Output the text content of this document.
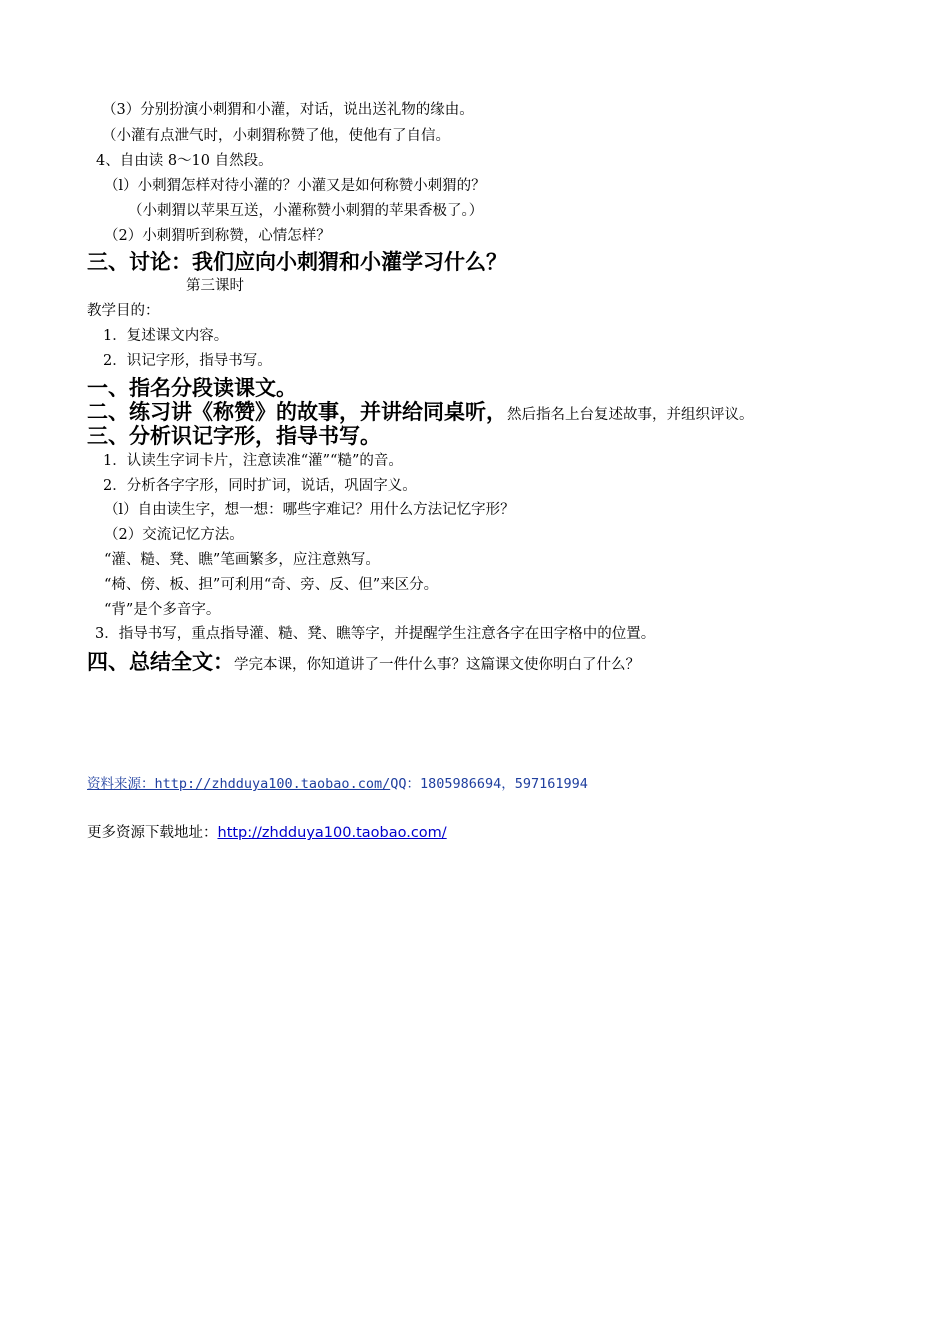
（3）分别扮演小刺猬和小灌，对话，说出送礼物的缘由。
（小灌有点泄气时，小刺猬称赞了他，使他有了自信。
4、自由读 8～10 自然段。
（l）小刺猬怎样对待小灌的？小灌又是如何称赞小刺猬的？
（小刺猬以苹果互送，小灌称赞小刺猬的苹果香极了。）
（2）小刺猬听到称赞，心情怎样？
三、讨论：我们应向小刺猬和小灌学习什么？
第三课时
教学目的：
1．复述课文内容。
2．识记字形，指导书写。
一、指名分段读课文。
二、练习讲《称赞》的故事，并讲给同桌听，然后指名上台复述故事，并组织评议。
三、分析识记字形，指导书写。
1．认读生字词卡片，注意读准“灌”“糙”的音。
2．分析各字字形，同时扩词，说话，巩固字义。
（l）自由读生字，想一想：哪些字难记？用什么方法记忆字形？
（2）交流记忆方法。
“灌、糙、凳、瞧”笔画繁多，应注意熟写。
“椅、傍、板、担”可利用“奇、旁、反、但”来区分。
“背”是个多音字。
3．指导书写，重点指导灌、糙、凳、瞧等字，并提醒学生注意各字在田字格中的位置。
四、总结全文：学完本课，你知道讲了一件什么事？这篇课文使你明白了什么？
资料来源：http://zhdduya100.taobao.com/QQ：1805986694，597161994
更多资源下载地址：http://zhdduya100.taobao.com/
